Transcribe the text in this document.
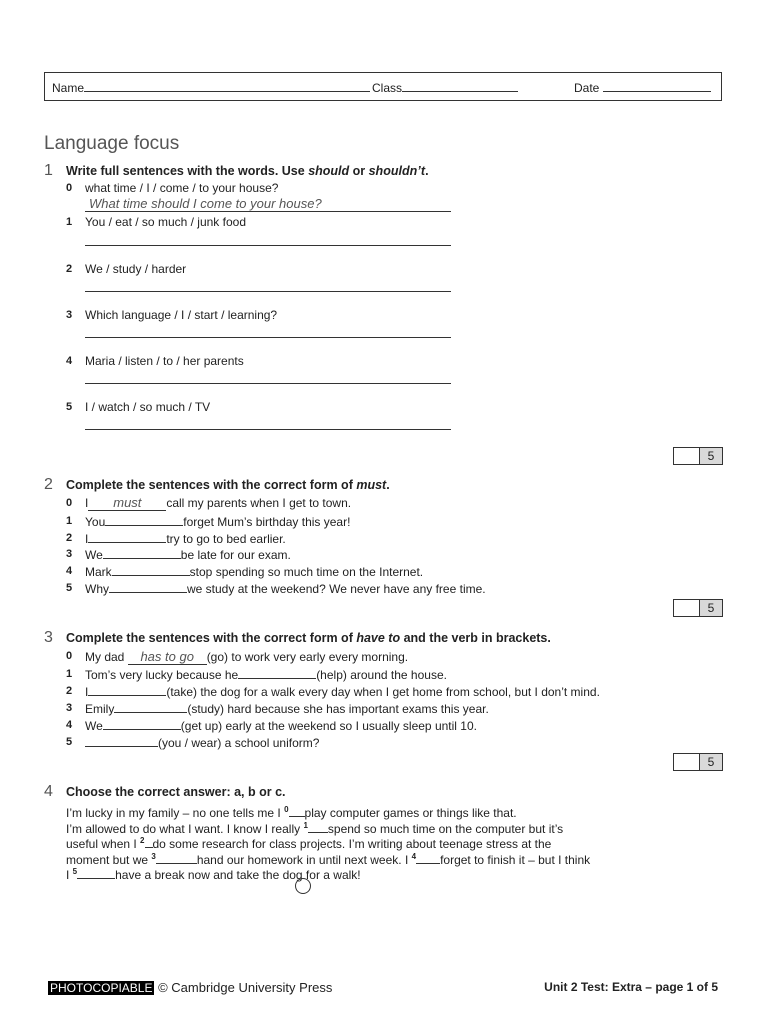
Name	Class	Date
Language focus
1 Write full sentences with the words. Use should or shouldn’t.
0	what time / I / come / to your house?
What time should I come to your house?
1	You / eat / so much / junk food
2	We / study / harder
3	Which language / I / start / learning?
4	Maria / listen / to / her parents
5	I / watch / so much / TV
5
2 Complete the sentences with the correct form of must.
0	I must call my parents when I get to town.
1	You	forget Mum’s birthday this year!
2	I	try to go to bed earlier.
3	We	be late for our exam.
4	Mark	stop spending so much time on the Internet.
5	Why	we study at the weekend? We never have any free time.
5
3 Complete the sentences with the correct form of have to and the verb in brackets.
0	My dad has to go (go) to work very early every morning.
1	Tom’s very lucky because he	(help) around the house.
2	I	(take) the dog for a walk every day when I get home from school, but I don’t mind.
3	Emily	(study) hard because she has important exams this year.
4	We	(get up) early at the weekend so I usually sleep until 10.
5	(you / wear) a school uniform?
5
4 Choose the correct answer: a, b or c.
I’m lucky in my family – no one tells me I $^0$ play computer games or things like that.
I’m allowed to do what I want. I know I really $^1$ spend so much time on the computer but it’s
useful when I $^2$ do some research for class projects. I’m writing about teenage stress at the
moment but we $^3$	hand our homework in until next week. I $^4$ forget to finish it – but I think
I $^5$	have a break now and take the dog for a walk!
PHOTOCOPIABLE © Cambridge University Press	Unit 2 Test: Extra – page 1 of 5
